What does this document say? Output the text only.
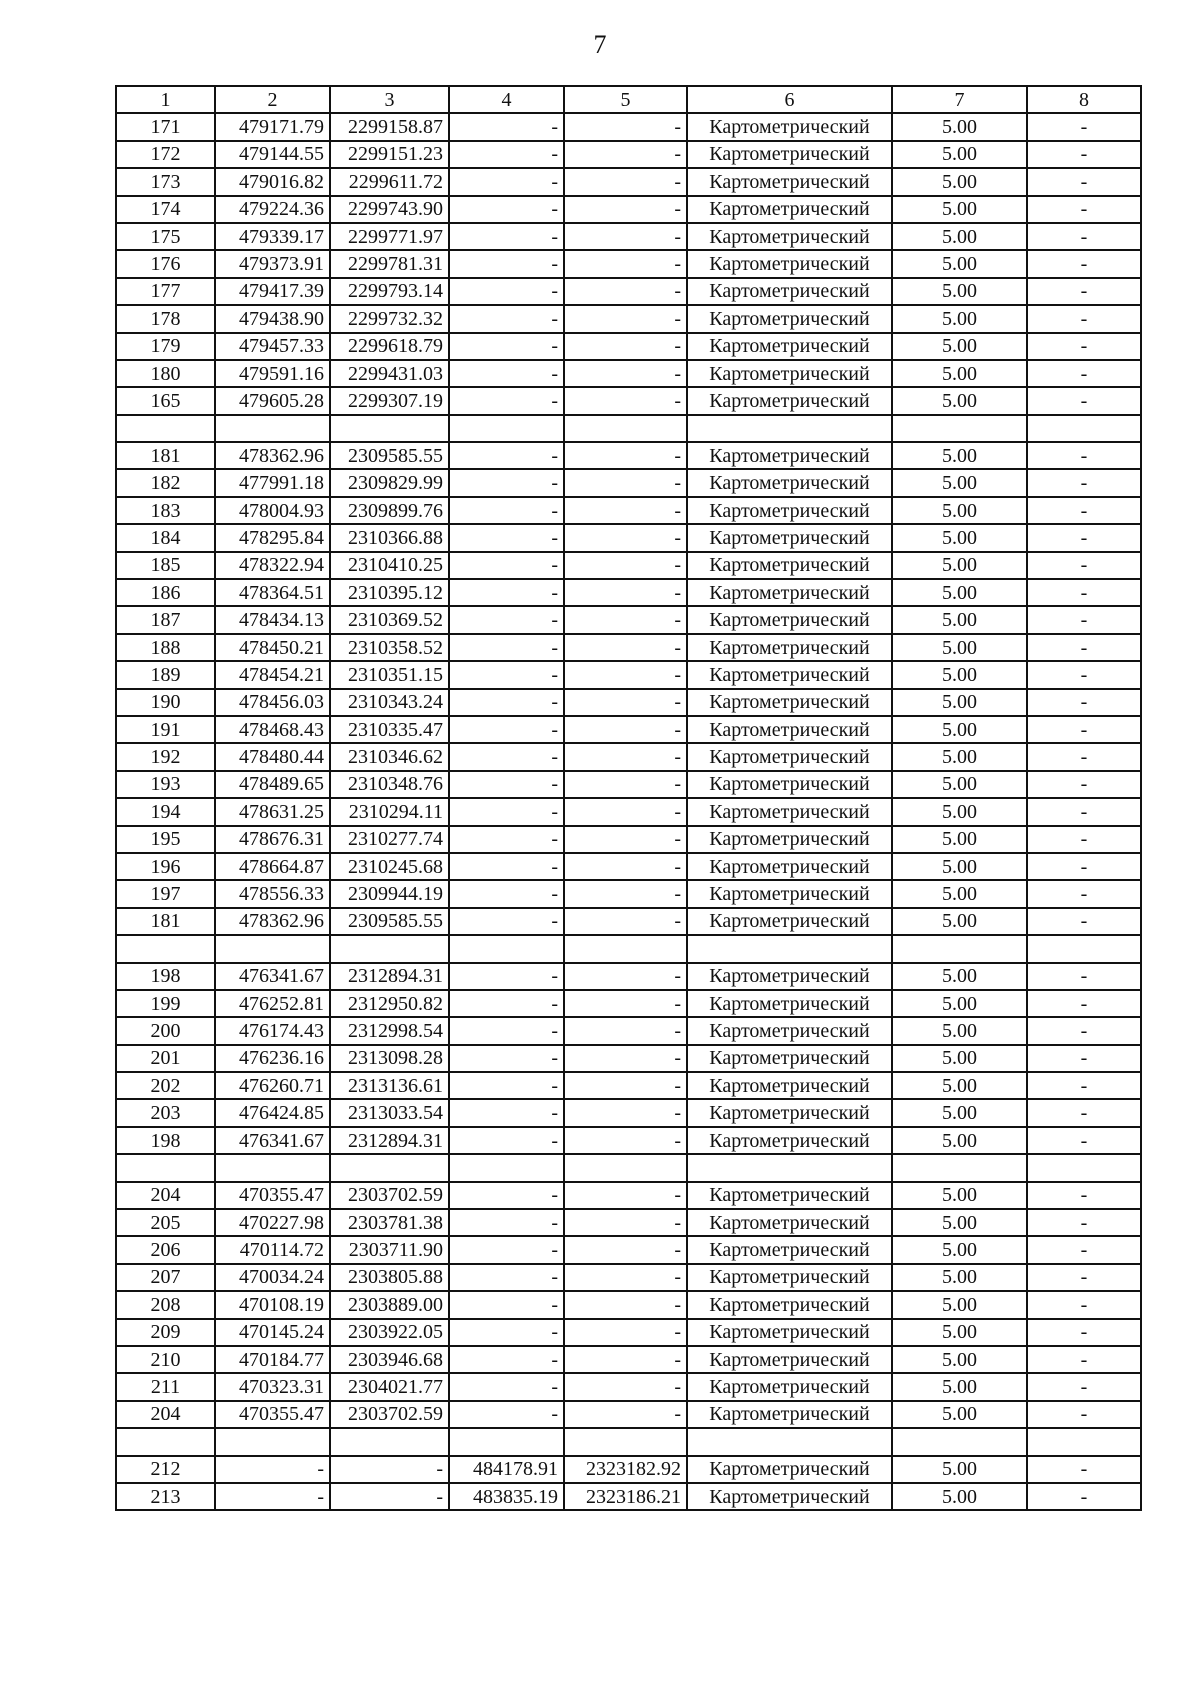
7
1	2	3	4	5	6	7	8
171	479171.79	2299158.87	-	-	Картометрический	5.00	-
172	479144.55	2299151.23	-	-	Картометрический	5.00	-
173	479016.82	2299611.72	-	-	Картометрический	5.00	-
174	479224.36	2299743.90	-	-	Картометрический	5.00	-
175	479339.17	2299771.97	-	-	Картометрический	5.00	-
176	479373.91	2299781.31	-	-	Картометрический	5.00	-
177	479417.39	2299793.14	-	-	Картометрический	5.00	-
178	479438.90	2299732.32	-	-	Картометрический	5.00	-
179	479457.33	2299618.79	-	-	Картометрический	5.00	-
180	479591.16	2299431.03	-	-	Картометрический	5.00	-
165	479605.28	2299307.19	-	-	Картометрический	5.00	-

181	478362.96	2309585.55	-	-	Картометрический	5.00	-
182	477991.18	2309829.99	-	-	Картометрический	5.00	-
183	478004.93	2309899.76	-	-	Картометрический	5.00	-
184	478295.84	2310366.88	-	-	Картометрический	5.00	-
185	478322.94	2310410.25	-	-	Картометрический	5.00	-
186	478364.51	2310395.12	-	-	Картометрический	5.00	-
187	478434.13	2310369.52	-	-	Картометрический	5.00	-
188	478450.21	2310358.52	-	-	Картометрический	5.00	-
189	478454.21	2310351.15	-	-	Картометрический	5.00	-
190	478456.03	2310343.24	-	-	Картометрический	5.00	-
191	478468.43	2310335.47	-	-	Картометрический	5.00	-
192	478480.44	2310346.62	-	-	Картометрический	5.00	-
193	478489.65	2310348.76	-	-	Картометрический	5.00	-
194	478631.25	2310294.11	-	-	Картометрический	5.00	-
195	478676.31	2310277.74	-	-	Картометрический	5.00	-
196	478664.87	2310245.68	-	-	Картометрический	5.00	-
197	478556.33	2309944.19	-	-	Картометрический	5.00	-
181	478362.96	2309585.55	-	-	Картометрический	5.00	-

198	476341.67	2312894.31	-	-	Картометрический	5.00	-
199	476252.81	2312950.82	-	-	Картометрический	5.00	-
200	476174.43	2312998.54	-	-	Картометрический	5.00	-
201	476236.16	2313098.28	-	-	Картометрический	5.00	-
202	476260.71	2313136.61	-	-	Картометрический	5.00	-
203	476424.85	2313033.54	-	-	Картометрический	5.00	-
198	476341.67	2312894.31	-	-	Картометрический	5.00	-

204	470355.47	2303702.59	-	-	Картометрический	5.00	-
205	470227.98	2303781.38	-	-	Картометрический	5.00	-
206	470114.72	2303711.90	-	-	Картометрический	5.00	-
207	470034.24	2303805.88	-	-	Картометрический	5.00	-
208	470108.19	2303889.00	-	-	Картометрический	5.00	-
209	470145.24	2303922.05	-	-	Картометрический	5.00	-
210	470184.77	2303946.68	-	-	Картометрический	5.00	-
211	470323.31	2304021.77	-	-	Картометрический	5.00	-
204	470355.47	2303702.59	-	-	Картометрический	5.00	-

212	-	-	484178.91	2323182.92	Картометрический	5.00	-
213	-	-	483835.19	2323186.21	Картометрический	5.00	-
